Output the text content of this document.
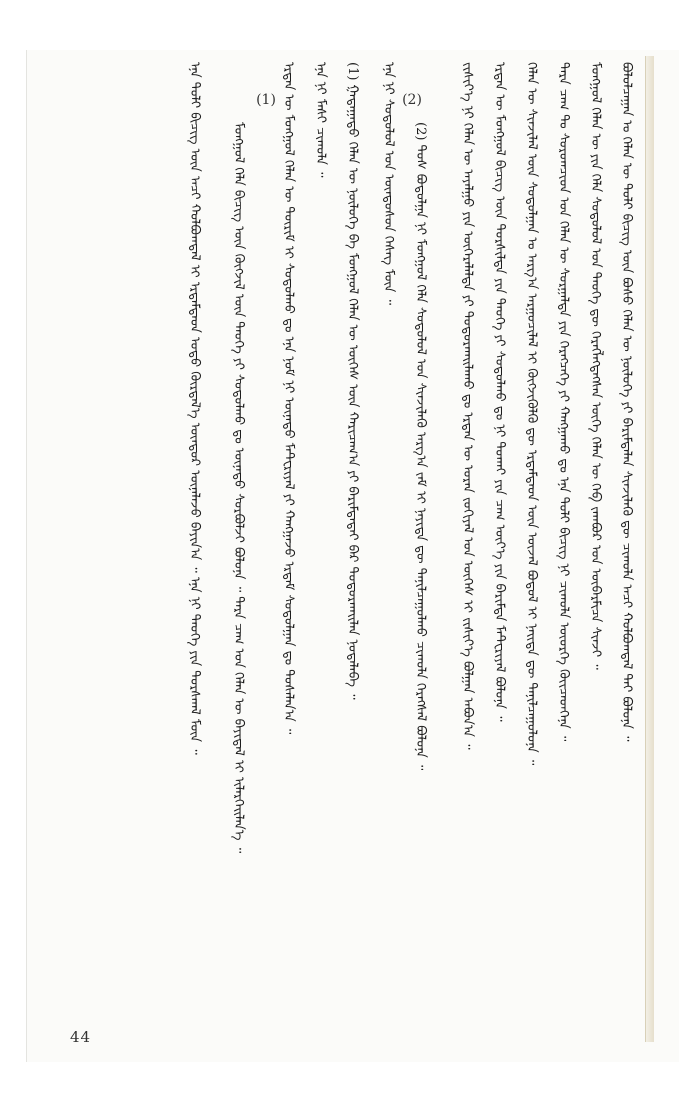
ᠪᠣᠯᠤᠯᠴᠠᠭᠠᠨ ᠤ ᠬᠡᠯᠡᠨ ᠦ ᠲᠣᠯᠢ ᠪᠢᠴᠢᠭ ᠦᠨ ᠪᠤᠰᠤ ᠬᠡᠯᠡᠨ ᠦ ᠨᠥᠯᠦᠭᠡ ᠶᠢ ᠪᠠᠷᠢᠮᠳᠠᠯᠠᠨ ᠰᠢᠨᠵᠢᠯᠡᠬᠦ ᠳᠦ ᠴᠢᠬᠤᠯᠠ ᠠᠴᠢ ᠬᠣᠯᠪᠣᠭᠳᠠᠯ ᠲᠠᠢ ᠪᠣᠯᠤᠨᠠ ᠃
ᠮᠣᠩᠭᠣᠯ ᠬᠡᠯᠡᠨ ᠦ ᠶᠢᠨ ᠬᠡᠯᠡ ᠰᠤᠳᠤᠯᠤᠯ ᠤᠨ ᠲᠡᠦᠬᠡ ᠳᠦ ᠬᠡᠷᠡᠭᠯᠡᠭᠳᠡᠭᠰᠡᠨ ᠦᠭᠡ ᠬᠡᠯᠡᠨ ᠦ ᠬᠡᠪ ᠵᠠᠭᠪᠤᠷ ᠤᠨ ᠥᠪᠡᠷᠮᠢᠴᠡ ᠰᠢᠨᠵᠢ ᠃
ᠲᠡᠷᠡ ᠴᠠᠭ ᠲᠤ ᠰᠤᠷᠤᠭᠴᠢᠳ ᠤᠨ ᠬᠡᠯᠡᠨ ᠦ ᠰᠤᠷᠭᠠᠯᠲᠠ ᠶᠢᠨ ᠬᠡᠷᠡᠭᠴᠡᠭᠡ ᠶᠢ ᠬᠠᠩᠭᠠᠬᠤ ᠳᠤ ᠡᠨᠡ ᠲᠣᠯᠢ ᠪᠢᠴᠢᠭ ᠨᠢ ᠴᠢᠬᠤᠯᠠ ᠦᠦᠷᠭᠡ ᠭᠦᠢᠴᠡᠳᠬᠡᠨᠡ ᠃
ᠬᠡᠯᠡᠨ ᠦ ᠰᠢᠨᠵᠢᠯᠡᠯ ᠦᠨ ᠰᠤᠳᠤᠯᠭᠠᠨ ᠤ ᠠᠷᠭ᠎ᠠ ᠠᠷᠭᠤᠴᠢᠯᠠᠯ ᠢ ᠬᠥᠭᠵᠢᠭᠦᠯᠬᠦ ᠳᠦ ᠡᠷᠳᠡᠮᠲᠡᠳ ᠦᠨ ᠦᠵᠡᠯ ᠪᠣᠳᠤᠯ ᠢ ᠨᠡᠢᠲᠡ ᠳᠦ ᠲᠠᠨᠢᠯᠴᠠᠭᠤᠯᠤᠨᠠ ᠃
ᠡᠷᠲᠡᠨ ᠦ ᠮᠣᠩᠭᠣᠯ ᠪᠢᠴᠢᠭ ᠦᠨ ᠳᠤᠷᠰᠢᠯᠲᠠ ᠶᠢᠨ ᠲᠡᠦᠬᠡ ᠶᠢ ᠰᠤᠳᠤᠯᠬᠤ ᠳᠤ ᠨᠢ ᠲᠤᠬᠠᠢ ᠶᠢᠨ ᠴᠠᠭ ᠦᠶ᠎ᠡ ᠶᠢᠨ ᠪᠠᠷᠢᠮᠲᠠ ᠮᠠᠲᠧᠷᠢᠶᠠᠯ ᠪᠣᠯᠤᠨᠠ ᠃
ᠵᠢᠱᠢᠶ᠎ᠡ ᠨᠢ ᠬᠡᠯᠡᠨ ᠦ ᠠᠶᠠᠯᠭᠤ ᠶᠢᠨ ᠥᠭᠡᠷᠡᠯᠡᠯᠲᠡ ᠶᠢ ᠲᠣᠳᠤᠷᠬᠠᠢᠯᠠᠬᠤ ᠳᠤ ᠡᠷᠲᠡᠨ ᠦ ᠤᠷᠠᠨ ᠵᠣᠬᠢᠶᠠᠯ ᠤᠨ ᠦᠭᠡᠰ ᠢ ᠵᠢᠱᠢᠶ᠎ᠡ ᠪᠣᠯᠭᠠᠨ ᠠᠪᠤᠨ᠎ᠠ ᠃
(2)
(2) ᠲᠤᠰ ᠪᠣᠳᠤᠯᠭᠠ ᠨᠢ ᠮᠣᠩᠭᠣᠯ ᠬᠡᠯᠡ ᠰᠤᠳᠤᠯᠤᠯ ᠤᠨ ᠰᠢᠨᠵᠢᠯᠡᠬᠦ ᠠᠷᠭ᠎ᠠ ᠵᠠᠮ ᠢ ᠨᠡᠶᠢᠲᠡ ᠳᠦ ᠲᠠᠨᠢᠯᠴᠠᠭᠤᠯᠬᠤ ᠴᠢᠬᠤᠯᠠ ᠬᠡᠷᠡᠭᠰᠡᠯ ᠪᠣᠯᠤᠨᠠ ᠃
ᠡᠨᠡ ᠨᠢ ᠰᠤᠳᠤᠯᠤᠯ ᠤᠨ ᠦᠨᠳᠦᠰᠦᠨ ᠬᠡᠰᠡᠭ ᠮᠥᠨ ᠃
(1) ᠭᠠᠳᠠᠭᠠᠳᠤ ᠬᠡᠯᠡᠨ ᠦ ᠨᠥᠯᠦᠭᠡ ᠪᠠ ᠮᠣᠩᠭᠣᠯ ᠬᠡᠯᠡᠨ ᠦ ᠦᠭᠡᠰ ᠦᠨ ᠬᠠᠷᠢᠴᠠᠭ᠎ᠠ ᠶᠢ ᠪᠠᠷᠢᠮᠲᠠᠲᠠᠢ ᠪᠠᠷ ᠲᠣᠳᠤᠷᠬᠠᠢᠯᠠᠨ ᠨᠣᠲᠠᠯᠠᠪᠠ ᠃
ᠡᠨᠡ ᠨᠢ ᠮᠠᠰᠢ ᠴᠢᠬᠤᠯᠠ ᠃
ᠡᠷᠲᠡᠨ ᠦ ᠮᠣᠩᠭᠣᠯ ᠬᠡᠯᠡᠨ ᠦ ᠳᠦᠷᠢᠮ ᠢ ᠰᠤᠳᠤᠯᠬᠤ ᠳᠤ ᠡᠨᠡ ᠨᠣᠮ ᠨᠢ ᠦᠨᠡᠲᠦ ᠮᠠᠲᠧᠷᠢᠶᠠᠯ ᠶᠢ ᠬᠠᠩᠭᠠᠵᠤ ᠡᠷᠳᠡᠮ ᠰᠤᠳᠤᠯᠭᠠᠨ ᠳᠤ ᠲᠤᠰᠠᠯᠠᠨ᠎ᠠ ᠃
(1)
ᠮᠣᠩᠭᠣᠯ ᠬᠡᠯᠡ ᠪᠢᠴᠢᠭ ᠦᠨ ᠬᠥᠭᠵᠢᠯ ᠦᠨ ᠲᠡᠦᠬᠡ ᠶᠢ ᠰᠤᠳᠤᠯᠬᠤ ᠳᠤ ᠦᠨᠡᠲᠦ ᠰᠤᠷᠪᠤᠯᠵᠢ ᠪᠣᠯᠤᠨᠠ ᠃ ᠲᠡᠷᠡ ᠴᠠᠭ ᠤᠨ ᠬᠡᠯᠡᠨ ᠦ ᠪᠠᠶᠢᠳᠠᠯ ᠢ ᠢᠯᠡᠷᠬᠡᠢᠯᠡᠨ᠎ᠡ ᠃
ᠡᠨᠡ ᠲᠣᠯᠢ ᠪᠢᠴᠢᠭ ᠦᠨ ᠠᠴᠢ ᠬᠣᠯᠪᠣᠭᠳᠠᠯ ᠢ ᠡᠷᠳᠡᠮᠲᠡᠳ ᠣᠳᠣ ᠬᠦᠷᠲᠡᠯ᠎ᠡ ᠥᠨᠳᠥᠷ ᠦᠨᠡᠯᠡᠵᠦ ᠪᠠᠶᠢᠨ᠎ᠠ ᠃ ᠡᠨᠡ ᠨᠢ ᠲᠡᠦᠬᠡ ᠶᠢᠨ ᠳᠤᠷᠰᠬᠠᠯ ᠮᠥᠨ ᠃
44
